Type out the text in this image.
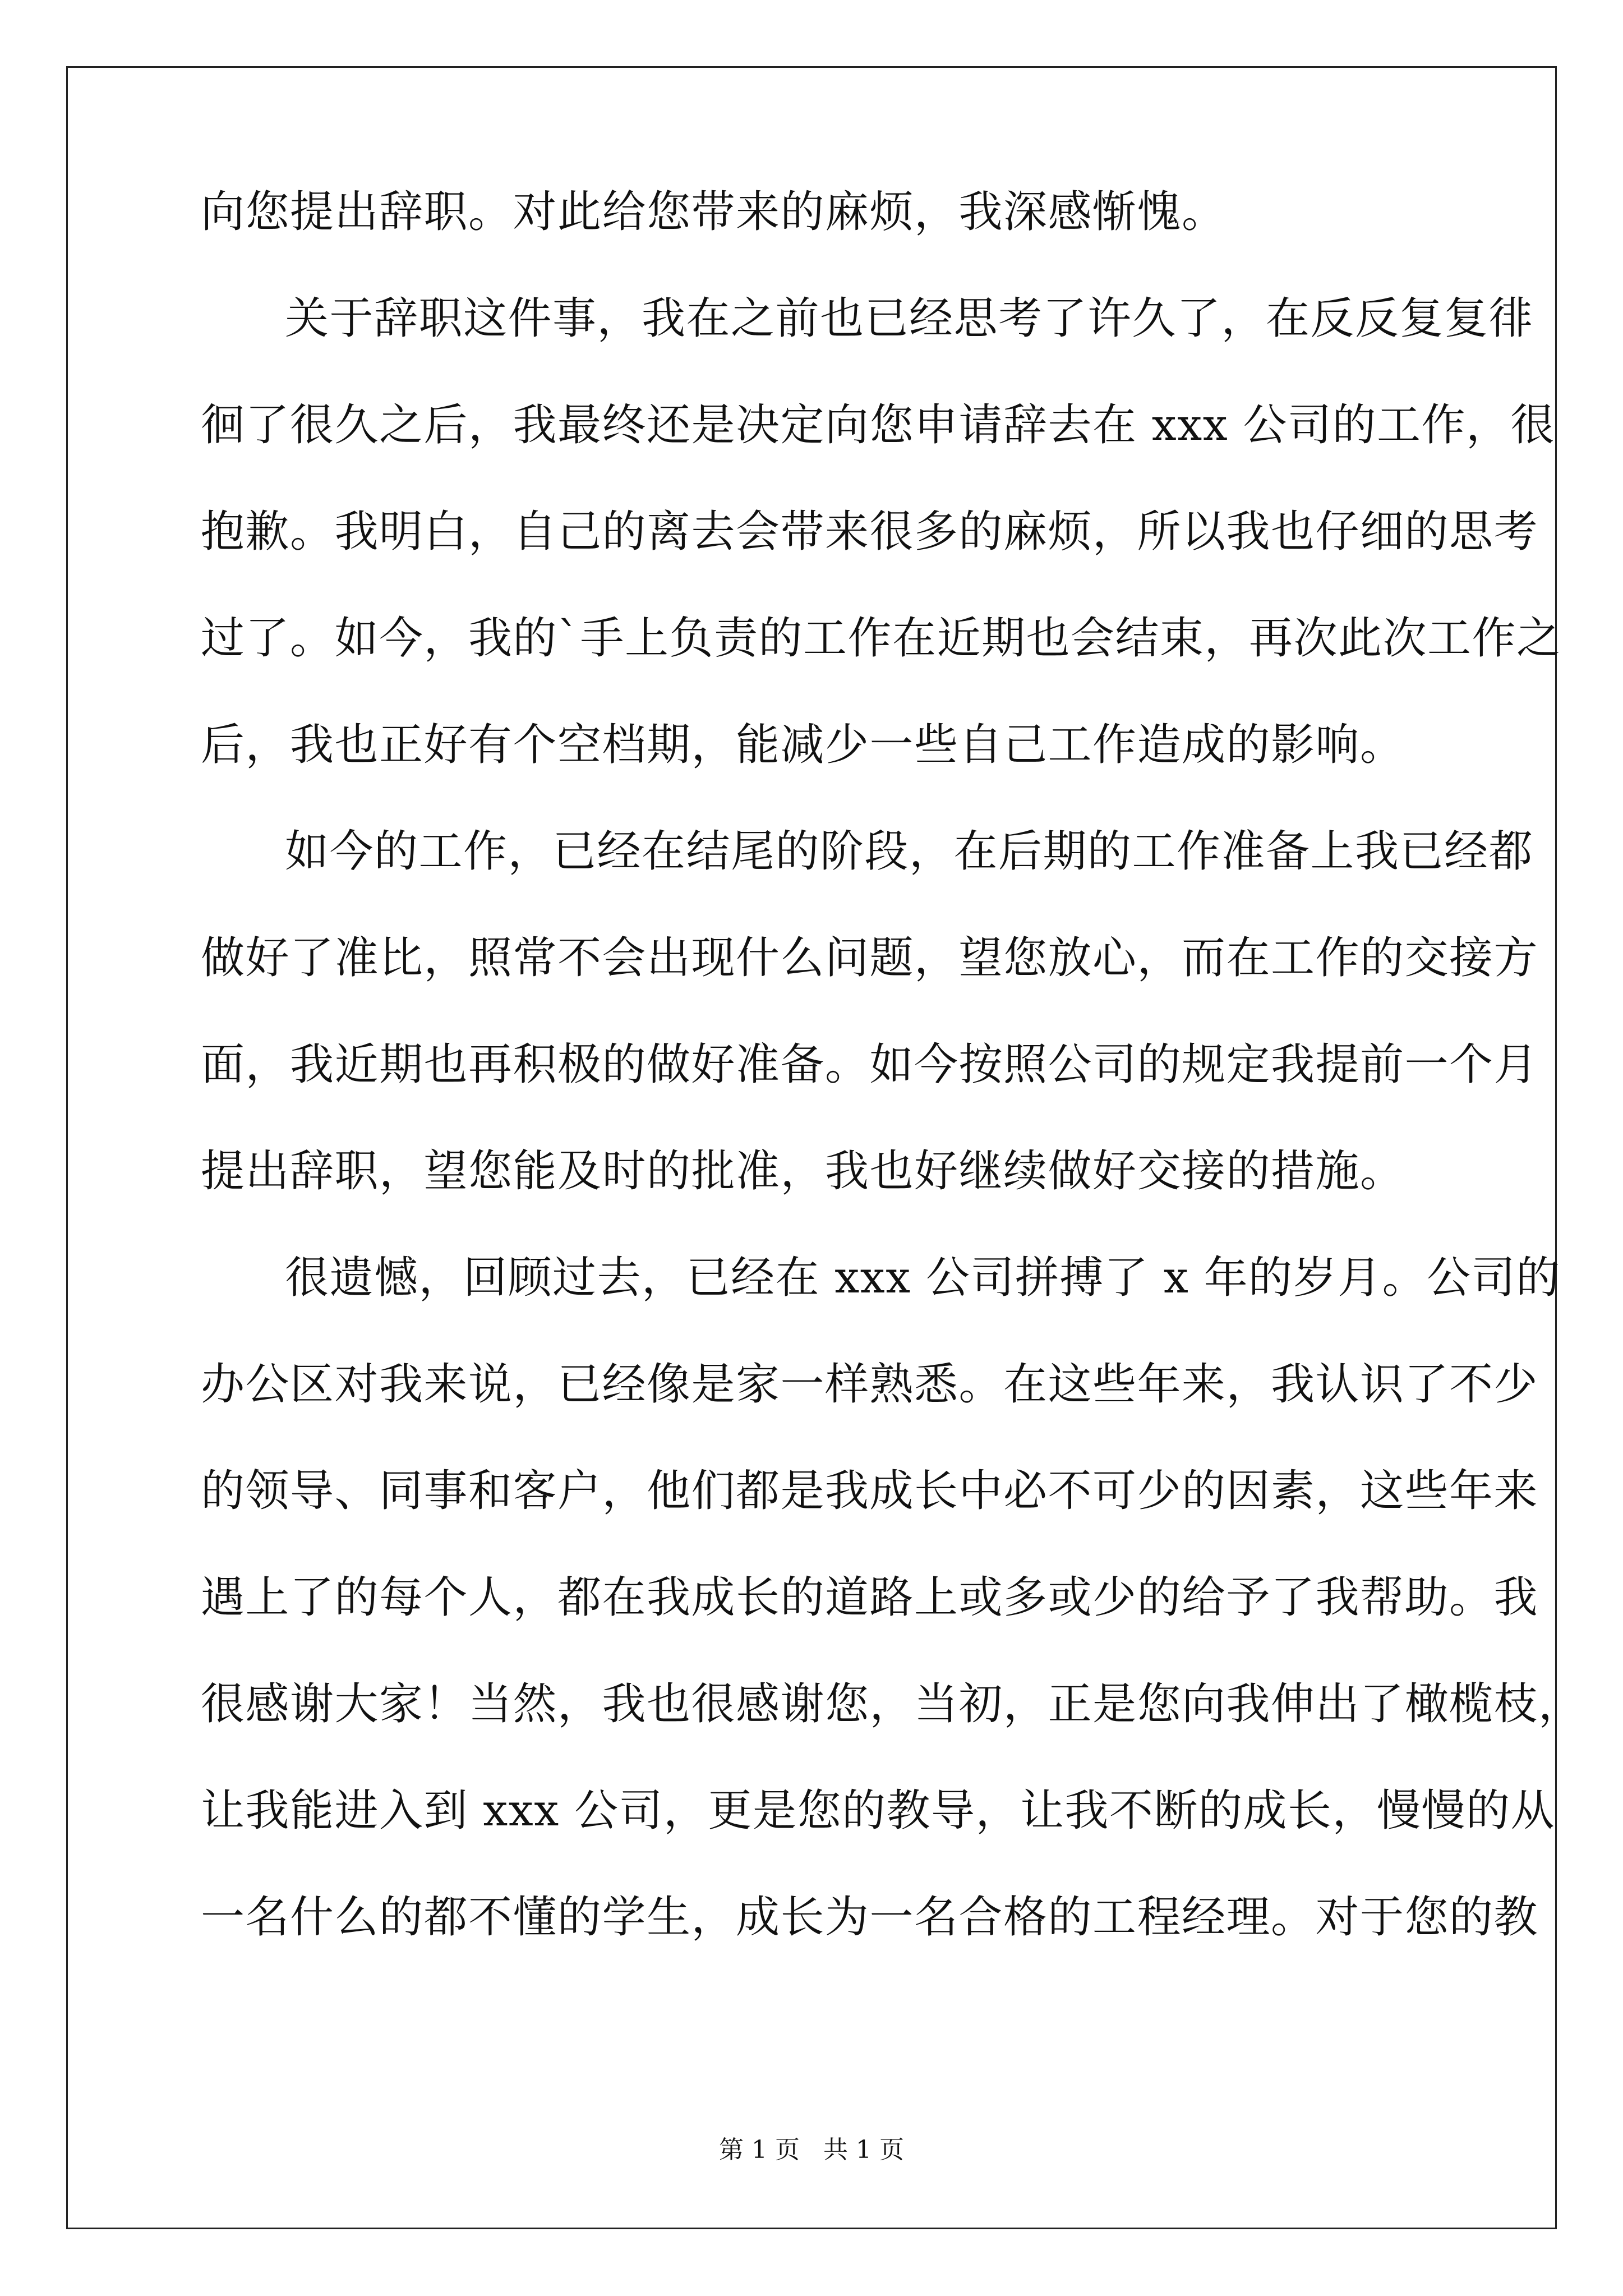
向您提出辞职。对此给您带来的麻烦，我深感惭愧。
关于辞职这件事，我在之前也已经思考了许久了，在反反复复徘
徊了很久之后，我最终还是决定向您申请辞去在 xxx 公司的工作，很
抱歉。我明白，自己的离去会带来很多的麻烦，所以我也仔细的思考
过了。如今，我的`手上负责的工作在近期也会结束，再次此次工作之
后，我也正好有个空档期，能减少一些自己工作造成的影响。
如今的工作，已经在结尾的阶段，在后期的工作准备上我已经都
做好了准比，照常不会出现什么问题，望您放心，而在工作的交接方
面，我近期也再积极的做好准备。如今按照公司的规定我提前一个月
提出辞职，望您能及时的批准，我也好继续做好交接的措施。
很遗憾，回顾过去，已经在 xxx 公司拼搏了 x 年的岁月。公司的
办公区对我来说，已经像是家一样熟悉。在这些年来，我认识了不少
的领导、同事和客户，他们都是我成长中必不可少的因素，这些年来
遇上了的每个人，都在我成长的道路上或多或少的给予了我帮助。我
很感谢大家！当然，我也很感谢您，当初，正是您向我伸出了橄榄枝，
让我能进入到 xxx 公司，更是您的教导，让我不断的成长，慢慢的从
一名什么的都不懂的学生，成长为一名合格的工程经理。对于您的教
第 1 页   共 1 页
